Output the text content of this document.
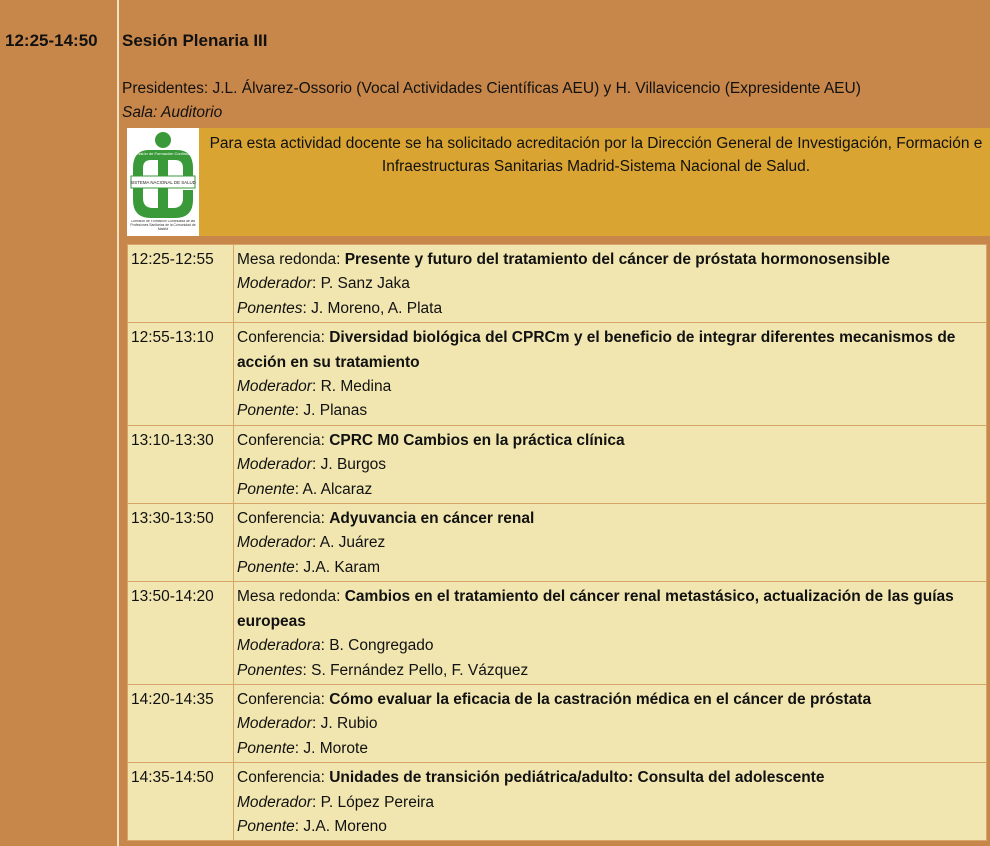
12:25-14:50 Sesión Plenaria III
Presidentes: J.L. Álvarez-Ossorio (Vocal Actividades Científicas AEU) y H. Villavicencio (Expresidente AEU)
Sala: Auditorio
SISTEMA NACIONAL DE SALUD
Comisión de Formación Continuada
Comisión de Formación Continuada de las Profesiones Sanitarias de la Comunidad de Madrid
Para esta actividad docente se ha solicitado acreditación por la Dirección General de Investigación, Formación e Infraestructuras Sanitarias Madrid-Sistema Nacional de Salud.
12:25-12:55	Mesa redonda: Presente y futuro del tratamiento del cáncer de próstata hormonosensible
Moderador: P. Sanz Jaka
Ponentes: J. Moreno, A. Plata
12:55-13:10	Conferencia: Diversidad biológica del CPRCm y el beneficio de integrar diferentes mecanismos de acción en su tratamiento
Moderador: R. Medina
Ponente: J. Planas
13:10-13:30	Conferencia: CPRC M0 Cambios en la práctica clínica
Moderador: J. Burgos
Ponente: A. Alcaraz
13:30-13:50	Conferencia: Adyuvancia en cáncer renal
Moderador: A. Juárez
Ponente: J.A. Karam
13:50-14:20	Mesa redonda: Cambios en el tratamiento del cáncer renal metastásico, actualización de las guías europeas
Moderadora: B. Congregado
Ponentes: S. Fernández Pello, F. Vázquez
14:20-14:35	Conferencia: Cómo evaluar la eficacia de la castración médica en el cáncer de próstata
Moderador: J. Rubio
Ponente: J. Morote
14:35-14:50	Conferencia: Unidades de transición pediátrica/adulto: Consulta del adolescente
Moderador: P. López Pereira
Ponente: J.A. Moreno
